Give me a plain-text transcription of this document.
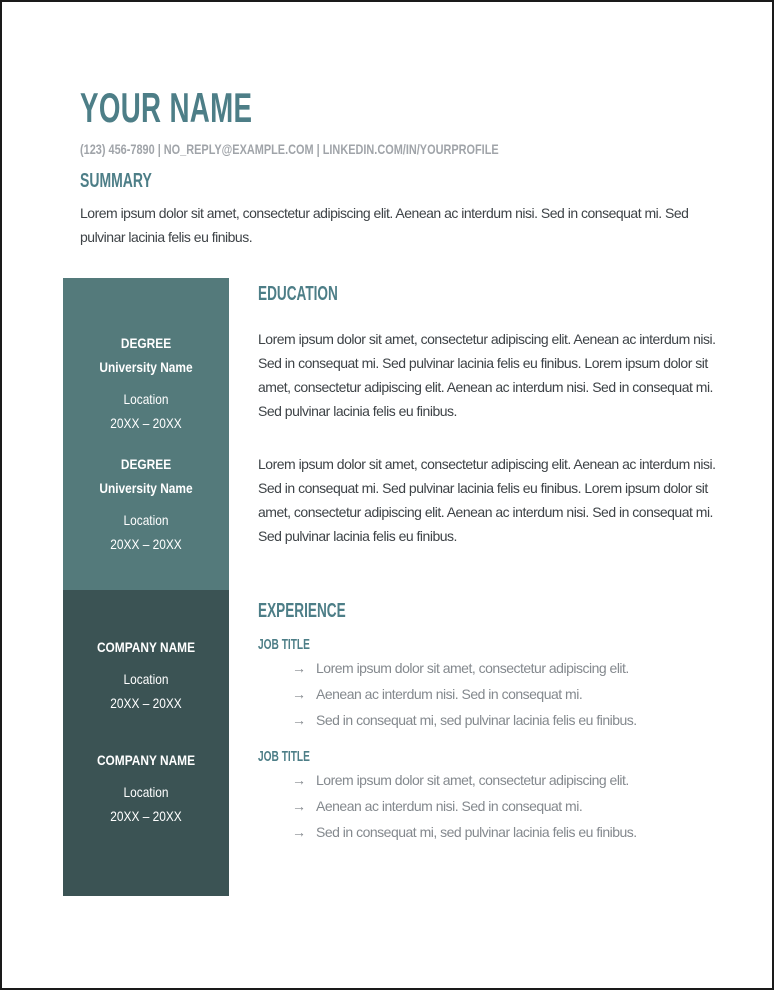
YOUR NAME
(123) 456-7890 | NO_REPLY@EXAMPLE.COM | LINKEDIN.COM/IN/YOURPROFILE
SUMMARY

Lorem ipsum dolor sit amet, consectetur adipiscing elit. Aenean ac interdum nisi. Sed in consequat mi. Sed pulvinar lacinia felis eu finibus.

DEGREE
University Name
Location
20XX – 20XX
DEGREE
University Name
Location
20XX – 20XX
COMPANY NAME
Location
20XX – 20XX
COMPANY NAME
Location
20XX – 20XX
EDUCATION

Lorem ipsum dolor sit amet, consectetur adipiscing elit. Aenean ac interdum nisi. Sed in consequat mi. Sed pulvinar lacinia felis eu finibus. Lorem ipsum dolor sit amet, consectetur adipiscing elit. Aenean ac interdum nisi. Sed in consequat mi. Sed pulvinar lacinia felis eu finibus.

Lorem ipsum dolor sit amet, consectetur adipiscing elit. Aenean ac interdum nisi. Sed in consequat mi. Sed pulvinar lacinia felis eu finibus. Lorem ipsum dolor sit amet, consectetur adipiscing elit. Aenean ac interdum nisi. Sed in consequat mi. Sed pulvinar lacinia felis eu finibus.

EXPERIENCE
JOB TITLE
→ Lorem ipsum dolor sit amet, consectetur adipiscing elit.
→ Aenean ac interdum nisi. Sed in consequat mi.
→ Sed in consequat mi, sed pulvinar lacinia felis eu finibus.
JOB TITLE
→ Lorem ipsum dolor sit amet, consectetur adipiscing elit.
→ Aenean ac interdum nisi. Sed in consequat mi.
→ Sed in consequat mi, sed pulvinar lacinia felis eu finibus.
